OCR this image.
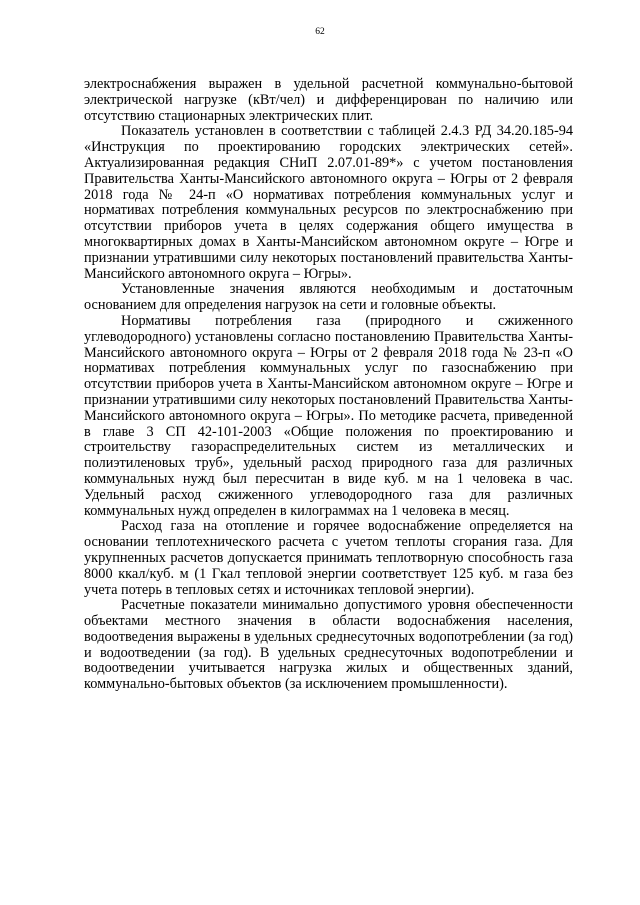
62

электроснабжения выражен в удельной расчетной коммунально-бытовой электрической нагрузке (кВт/чел) и дифференцирован по наличию или отсутствию стационарных электрических плит.

Показатель установлен в соответствии с таблицей 2.4.3 РД 34.20.185-94 «Инструкция по проектированию городских электрических сетей». Актуализированная редакция СНиП 2.07.01-89*» с учетом постановления Правительства Ханты-Мансийского автономного округа – Югры от 2 февраля 2018 года № 24-п «О нормативах потребления коммунальных услуг и нормативах потребления коммунальных ресурсов по электроснабжению при отсутствии приборов учета в целях содержания общего имущества в многоквартирных домах в Ханты-Мансийском автономном округе – Югре и признании утратившими силу некоторых постановлений правительства Ханты-Мансийского автономного округа – Югры».

Установленные значения являются необходимым и достаточным основанием для определения нагрузок на сети и головные объекты.

Нормативы потребления газа (природного и сжиженного углеводородного) установлены согласно постановлению Правительства Ханты-Мансийского автономного округа – Югры от 2 февраля 2018 года № 23-п «О нормативах потребления коммунальных услуг по газоснабжению при отсутствии приборов учета в Ханты-Мансийском автономном округе – Югре и признании утратившими силу некоторых постановлений Правительства Ханты-Мансийского автономного округа – Югры». По методике расчета, приведенной в главе 3 СП 42-101-2003 «Общие положения по проектированию и строительству газораспределительных систем из металлических и полиэтиленовых труб», удельный расход природного газа для различных коммунальных нужд был пересчитан в виде куб. м на 1 человека в час. Удельный расход сжиженного углеводородного газа для различных коммунальных нужд определен в килограммах на 1 человека в месяц.

Расход газа на отопление и горячее водоснабжение определяется на основании теплотехнического расчета с учетом теплоты сгорания газа. Для укрупненных расчетов допускается принимать теплотворную способность газа 8000 ккал/куб. м (1 Гкал тепловой энергии соответствует 125 куб. м газа без учета потерь в тепловых сетях и источниках тепловой энергии).

Расчетные показатели минимально допустимого уровня обеспеченности объектами местного значения в области водоснабжения населения, водоотведения выражены в удельных среднесуточных водопотреблении (за год) и водоотведении (за год). В удельных среднесуточных водопотреблении и водоотведении учитывается нагрузка жилых и общественных зданий, коммунально-бытовых объектов (за исключением промышленности).
